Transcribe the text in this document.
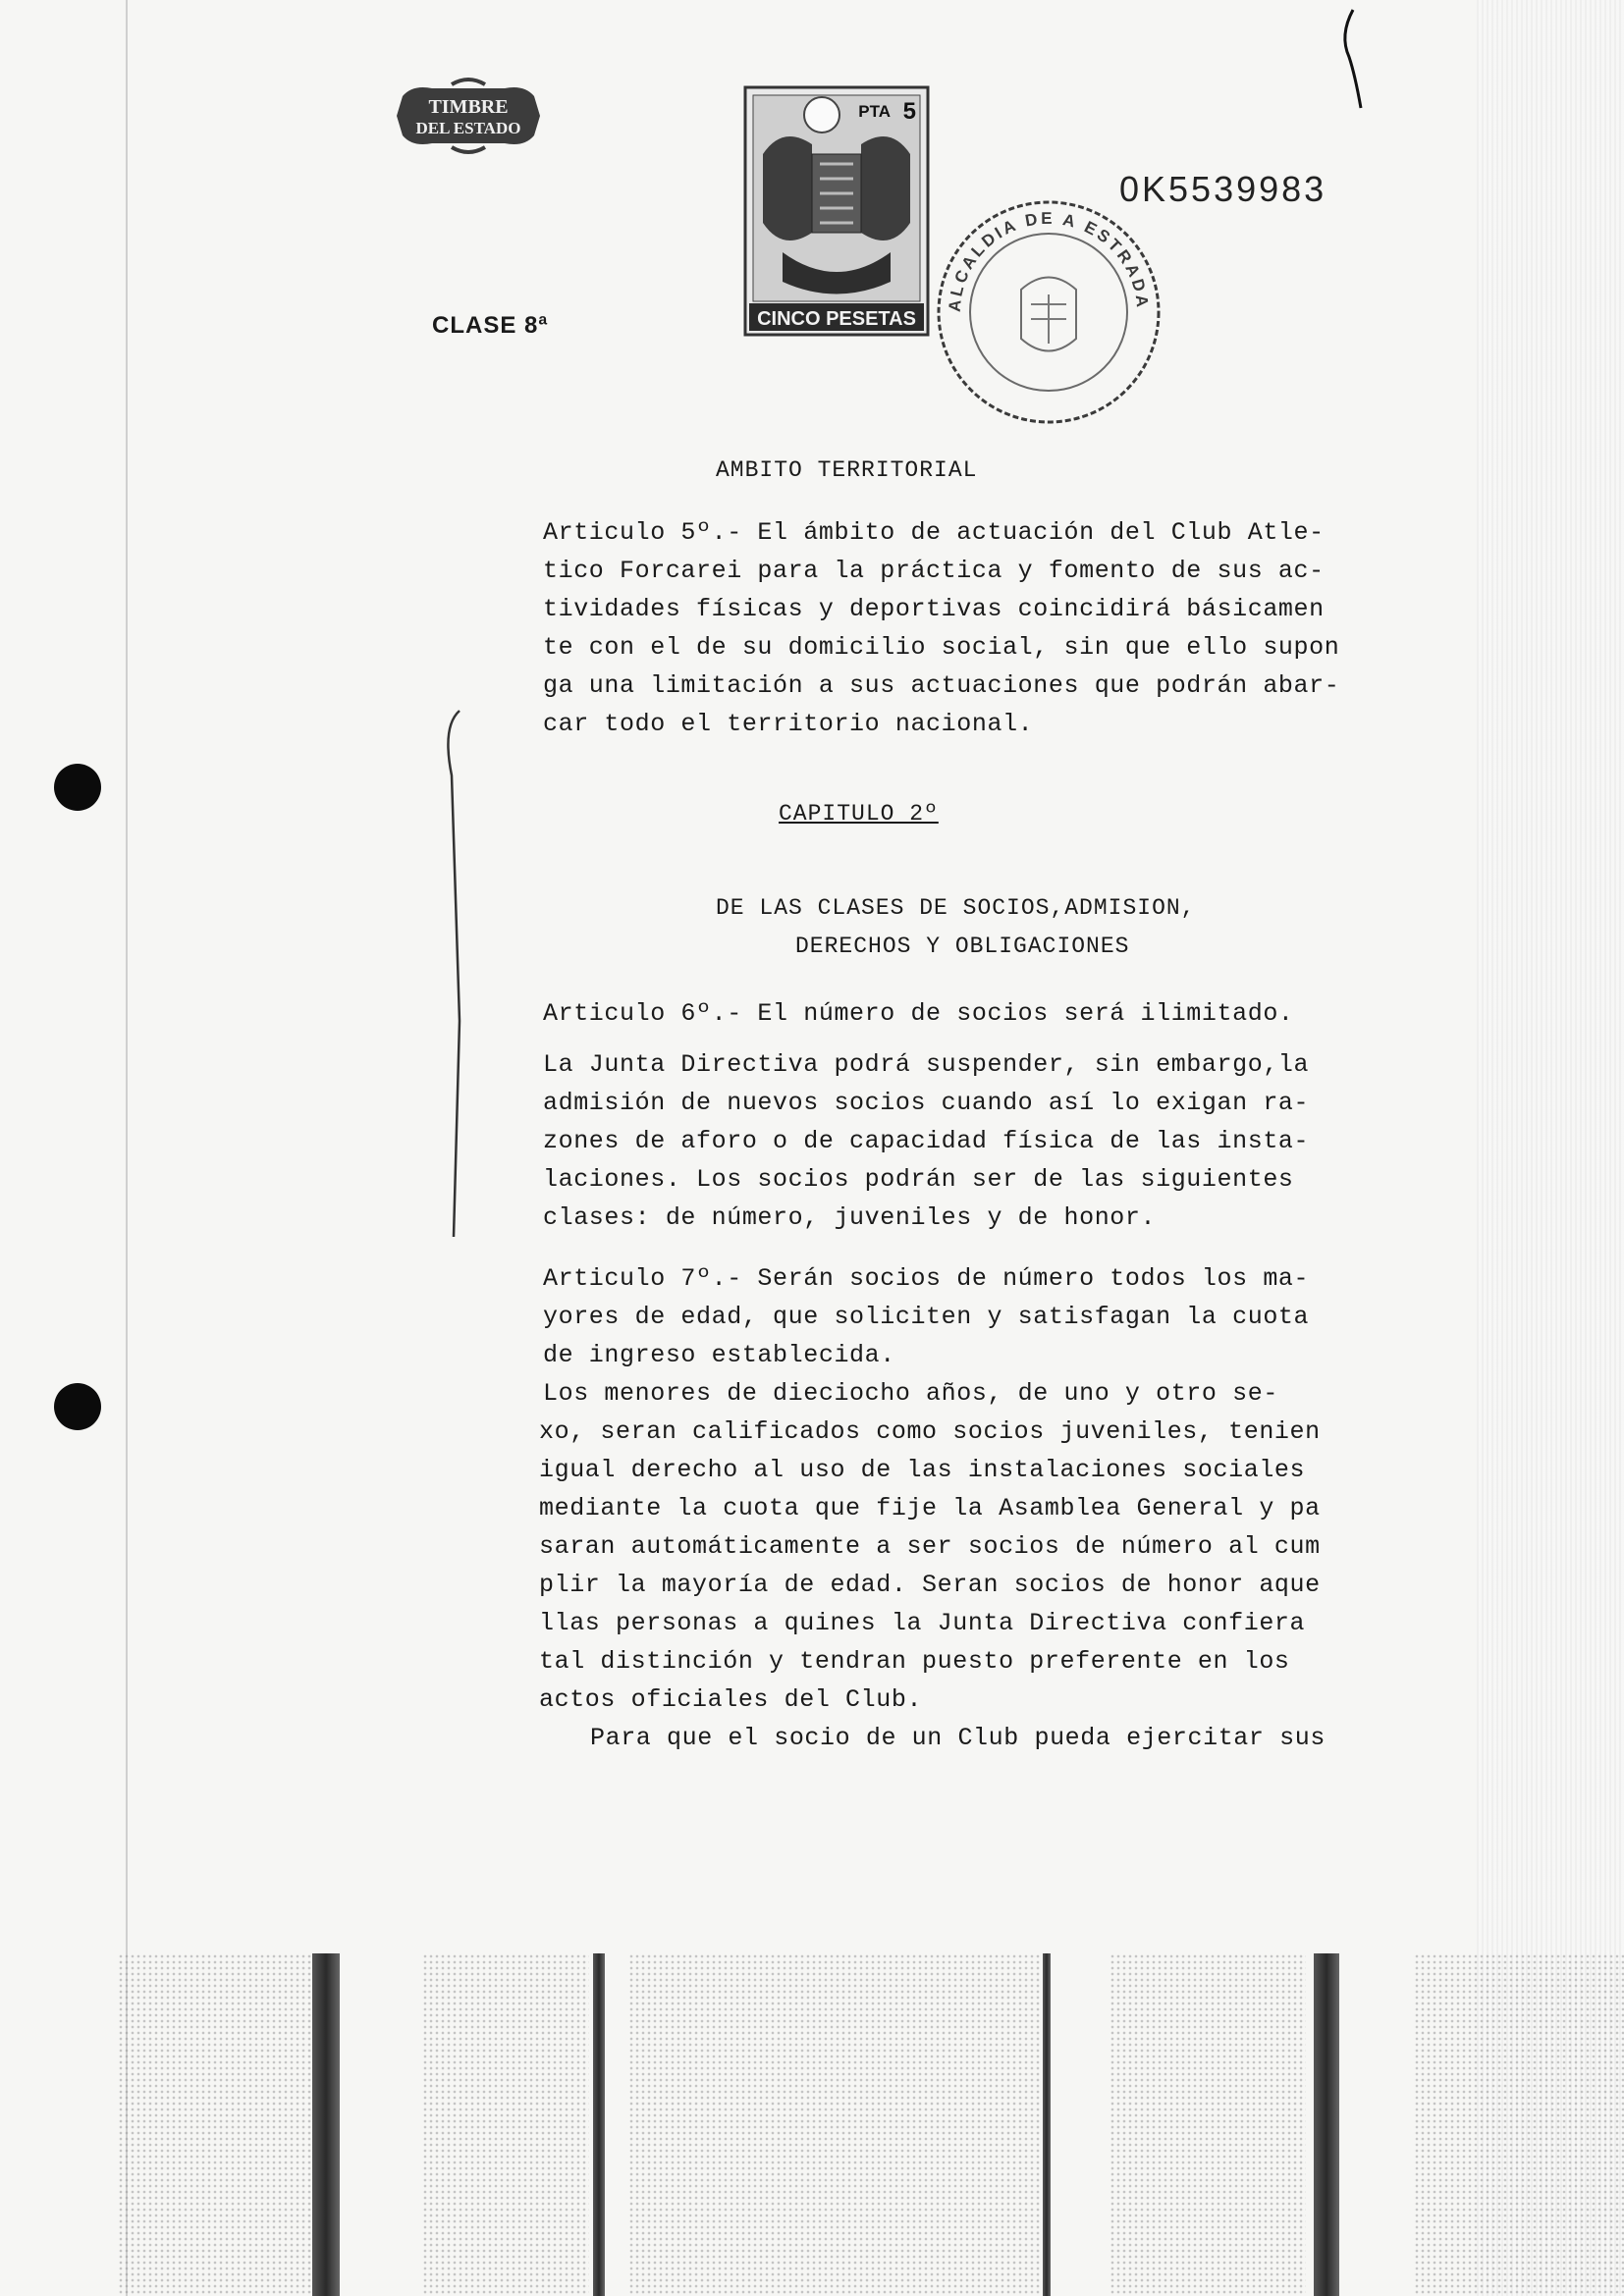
TIMBRE
DEL ESTADO
CLASE 8ª
PTA 5
CINCO PESETAS
0K5539983
ALCALDIA DE A ESTRADA
AMBITO TERRITORIAL
Articulo 5º.- El ámbito de actuación del Club Atle-
tico Forcarei para la práctica y fomento de sus ac-
tividades físicas y deportivas coincidirá básicamen
te con el de su domicilio social, sin que ello supon
ga una limitación a sus actuaciones que podrán abar-
car todo el territorio nacional.
CAPITULO 2º
DE LAS CLASES DE SOCIOS,ADMISION,
DERECHOS Y OBLIGACIONES
Articulo 6º.- El número de socios será ilimitado.
La Junta Directiva podrá suspender, sin embargo,la
admisión de nuevos socios cuando así lo exigan ra-
zones de aforo o de capacidad física de las insta-
laciones. Los socios podrán ser de las siguientes
clases: de número, juveniles y de honor.
Articulo 7º.- Serán socios de número todos los ma-
yores de edad, que soliciten y satisfagan la cuota
de ingreso establecida.
Los menores de dieciocho años, de uno y otro se-
xo, seran calificados como socios juveniles, tenien
igual derecho al uso de las instalaciones sociales
mediante la cuota que fije la Asamblea General y pa
saran automáticamente a ser socios de número al cum
plir la mayoría de edad. Seran socios de honor aque
llas personas a quines la Junta Directiva confiera
tal distinción y tendran puesto preferente en los
actos oficiales del Club.
Para que el socio de un Club pueda ejercitar sus
